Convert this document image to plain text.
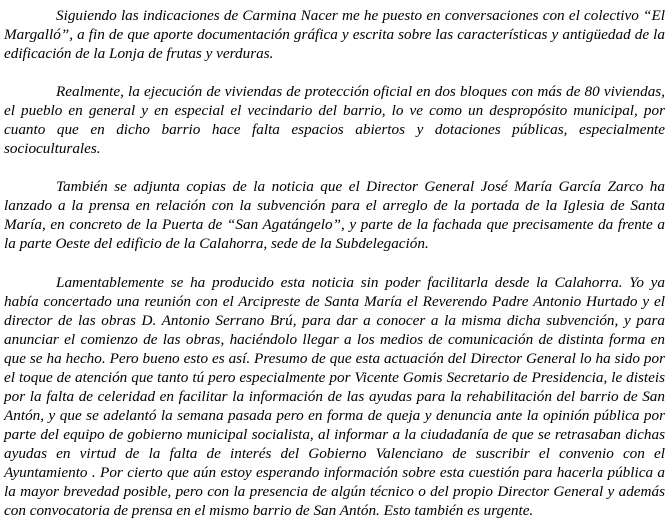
Siguiendo las indicaciones de Carmina Nacer me he puesto en conversaciones con el colectivo “El Margalló”, a fin de que aporte documentación gráfica y escrita sobre las características y antigüedad de la edificación de la Lonja de frutas y verduras.

Realmente, la ejecución de viviendas de protección oficial en dos bloques con más de 80 viviendas, el pueblo en general y en especial el vecindario del barrio, lo ve como un despropósito municipal, por cuanto que en dicho barrio hace falta espacios abiertos y dotaciones públicas, especialmente socioculturales.

También se adjunta copias de la noticia que el Director General José María García Zarco ha lanzado a la prensa en relación con la subvención para el arreglo de la portada de la Iglesia de Santa María, en concreto de la Puerta de “San Agatángelo”, y parte de la fachada que precisamente da frente a la parte Oeste del edificio de la Calahorra, sede de la Subdelegación.

Lamentablemente se ha producido esta noticia sin poder facilitarla desde la Calahorra. Yo ya había concertado una reunión con el Arcipreste de Santa María el Reverendo Padre Antonio Hurtado y el director de las obras D. Antonio Serrano Brú, para dar a conocer a la misma dicha subvención, y para anunciar el comienzo de las obras, haciéndolo llegar a los medios de comunicación de distinta forma en que se ha hecho. Pero bueno esto es así. Presumo de que esta actuación del Director General lo ha sido por el toque de atención que tanto tú pero especialmente por Vicente Gomis Secretario de Presidencia, le disteis por la falta de celeridad en facilitar la información de las ayudas para la rehabilitación del barrio de San Antón, y que se adelantó la semana pasada pero en forma de queja y denuncia ante la opinión pública por parte del equipo de gobierno municipal socialista, al informar a la ciudadanía de que se retrasaban dichas ayudas en virtud de la falta de interés del Gobierno Valenciano de suscribir el convenio con el Ayuntamiento . Por cierto que aún estoy esperando información sobre esta cuestión para hacerla pública a la mayor brevedad posible, pero con la presencia de algún técnico o del propio Director General y además con convocatoria de prensa en el mismo barrio de San Antón. Esto también es urgente.
